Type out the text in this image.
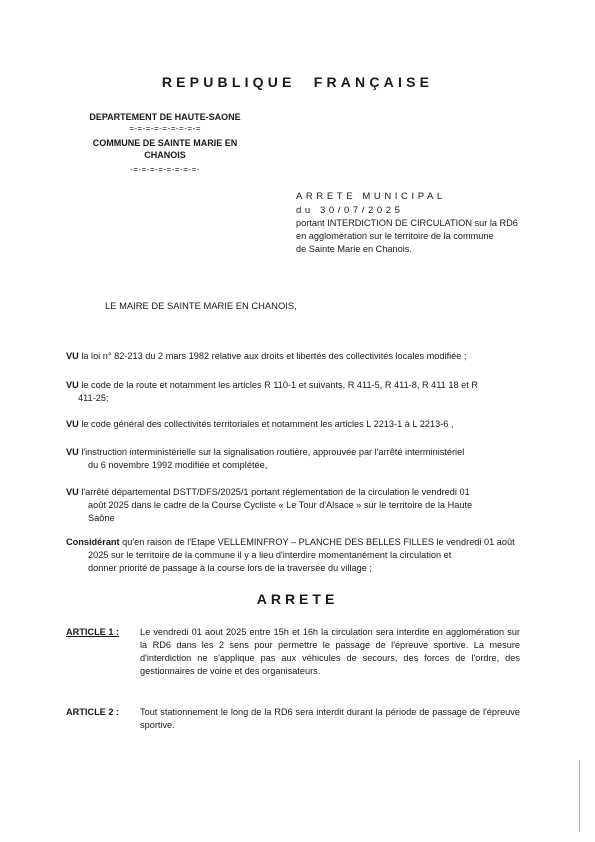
REPUBLIQUE FRANÇAISE
DEPARTEMENT DE HAUTE-SAONE
=-=-=-=-=-=-=-=-=
COMMUNE DE SAINTE MARIE EN
CHANOIS
-=-=-=-=-=-=-=-=-
ARRETE MUNICIPAL
du 30/07/2025
portant INTERDICTION DE CIRCULATION sur la RD6
en agglomération sur le territoire de la commune
de Sainte Marie en Chanois.
LE MAIRE DE SAINTE MARIE EN CHANOIS,
VU la loi n° 82-213 du 2 mars 1982 relative aux droits et libertés des collectivités locales modifiée ;
VU le code de la route et notamment les articles R 110-1 et suivants, R 411-5, R 411-8, R 411 18 et R
411-25;
VU le code général des collectivités territoriales et notamment les articles L 2213-1 à L 2213-6 ,
VU l'instruction interministérielle sur la signalisation routière, approuvée par l'arrêté interministériel
du 6 novembre 1992 modifiée et complétée,
VU l'arrêté départemental DSTT/DFS/2025/1 portant réglementation de la circulation le vendredi 01
août 2025 dans le cadre de la Course Cycliste « Le Tour d'Alsace » sur le territoire de la Haute
Saône
Considérant qu'en raison de l'Etape VELLEMINFROY – PLANCHE DES BELLES FILLES le vendredi 01 août
2025 sur le territoire de la commune il y a lieu d'interdire momentanément la circulation et
donner priorité de passage à la course lors de la traversée du village ;
ARRETE
ARTICLE 1 : Le vendredi 01 aout 2025 entre 15h et 16h la circulation sera interdite en agglomération sur la RD6 dans les 2 sens pour permettre le passage de l'épreuve sportive. La mesure d'interdiction ne s'applique pas aux véhicules de secours, des forces de l'ordre, des gestionnaires de voirie et des organisateurs.
ARTICLE 2 : Tout stationnement le long de la RD6 sera interdit durant la période de passage de l'épreuve sportive.
